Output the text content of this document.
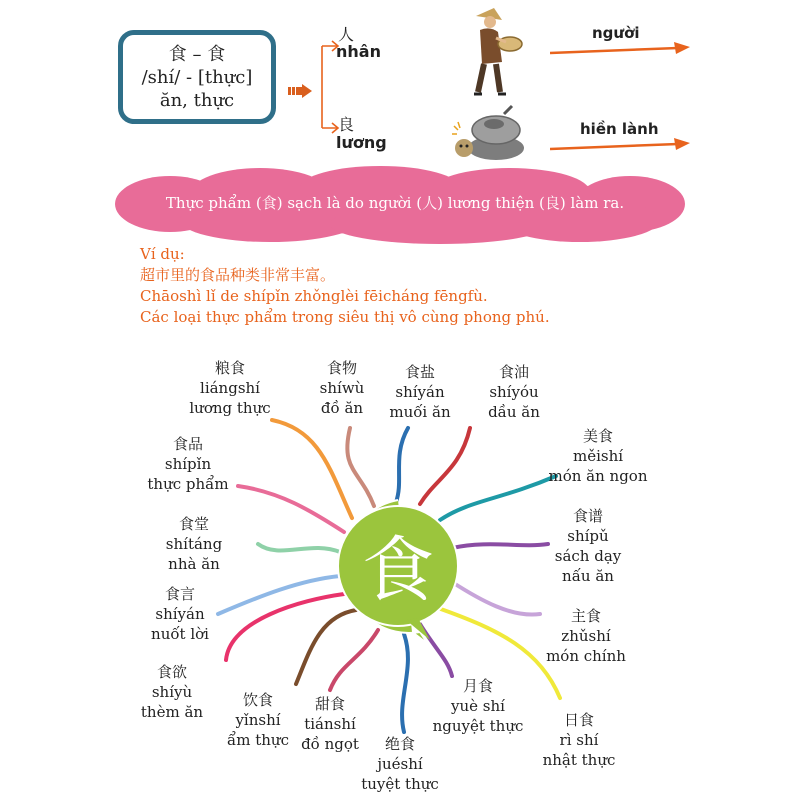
食 – 食
/shí/ - [thực]
ăn, thực
人
nhân
良
lương
người
hiền lành
Thực phẩm (食) sạch là do người (人) lương thiện (良) làm ra.
Ví dụ:
超市里的食品种类非常丰富。
Chāoshì lǐ de shípǐn zhǒnglèi fēicháng fēngfù.
Các loại thực phẩm trong siêu thị vô cùng phong phú.
食
粮食
liángshí
lương thực
食物
shíwù
đồ ăn
食盐
shíyán
muối ăn
食油
shíyóu
dầu ăn
美食
měishí
món ăn ngon
食谱
shípǔ
sách dạy
nấu ăn
主食
zhǔshí
món chính
日食
rì shí
nhật thực
月食
yuè shí
nguyệt thực
绝食
juéshí
tuyệt thực
甜食
tiánshí
đồ ngọt
饮食
yǐnshí
ẩm thực
食欲
shíyù
thèm ăn
食言
shíyán
nuốt lời
食堂
shítáng
nhà ăn
食品
shípǐn
thực phẩm
